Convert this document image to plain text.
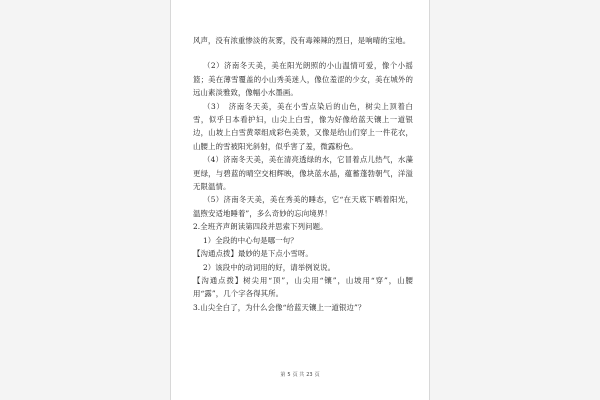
风声，没有浓重惨淡的灰雾，没有毒辣辣的烈日，是响晴的宝地。

（2）济南冬天美，美在阳光朗照的小山温情可爱，像个小摇篮；美在薄雪覆盖的小山秀美迷人，像位羞涩的少女，美在城外的远山素淡雅致，像幅小水墨画。

（3）　济南冬天美，美在小雪点染后的山色，树尖上顶着白雪，似乎日本看护妇，山尖上白雪，像为好像给蓝天镶上一道银边，山坡上白雪黄翠组成彩色美景，又像是给山们穿上一件花衣，山腰上的雪被阳光斜射，似乎害了羞，微露粉色。

（4）济南冬天美，美在清亮透绿的水，它冒着点儿热气，水藻更绿，与碧蓝的晴空交相辉映，像块蓝水晶，蕴蓄蓬勃朝气，洋溢无限温情。

（5）济南冬天美，美在秀美的睡态，它“在天底下晒着阳光，温煦安适地睡着”，多么奇妙的忘向境界！

2.全班齐声朗读第四段并思索下列问题。

1）全段的中心句是哪一句？

【沟通点拨】最妙的是下点小雪呀。

2）该段中的动词用的好，请举例说说。

【沟通点拨】树尖用“顶”，山尖用“镶”，山坡用“穿”，山腰用“露”，几个字各得其所。

3.山尖全白了，为什么会像“给蓝天镶上一道银边”？

第 5 页 共 23 页
